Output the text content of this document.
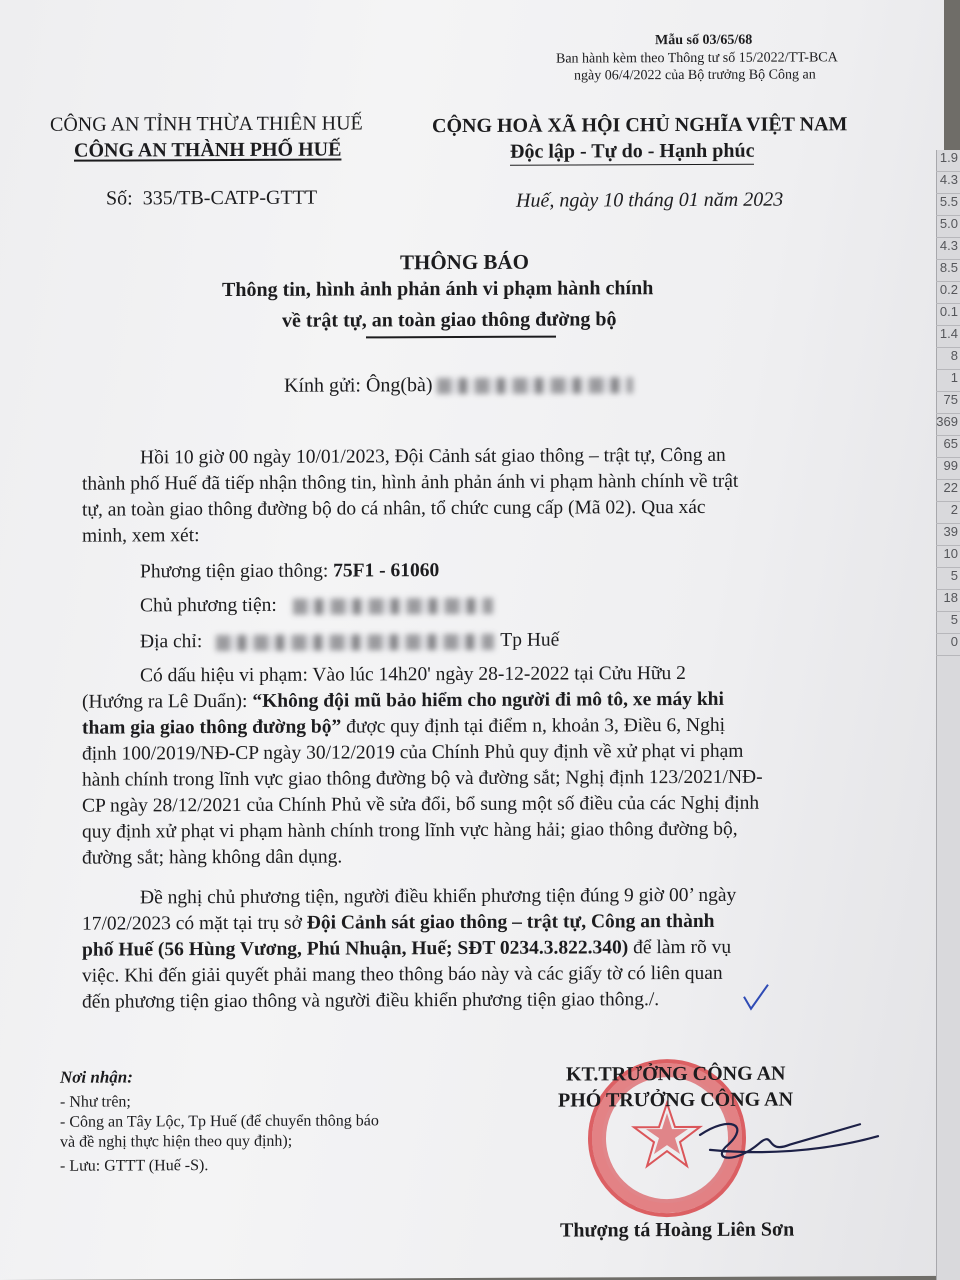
Mẫu số 03/65/68
Ban hành kèm theo Thông tư số 15/2022/TT-BCA
ngày 06/4/2022 của Bộ trưởng Bộ Công an
CÔNG AN TỈNH THỪA THIÊN HUẾ
CÔNG AN THÀNH PHỐ HUẾ
Số: 335/TB-CATP-GTTT
CỘNG HOÀ XÃ HỘI CHỦ NGHĨA VIỆT NAM
Độc lập - Tự do - Hạnh phúc
Huế, ngày 10 tháng 01 năm 2023
THÔNG BÁO
Thông tin, hình ảnh phản ánh vi phạm hành chính
về trật tự, an toàn giao thông đường bộ
Kính gửi: Ông(bà)
Hồi 10 giờ 00 ngày 10/01/2023, Đội Cảnh sát giao thông – trật tự, Công an
thành phố Huế đã tiếp nhận thông tin, hình ảnh phản ánh vi phạm hành chính về trật
tự, an toàn giao thông đường bộ do cá nhân, tổ chức cung cấp (Mã 02). Qua xác
minh, xem xét:
Phương tiện giao thông: 75F1 - 61060
Chủ phương tiện:
Địa chỉ:	Tp Huế
Có dấu hiệu vi phạm: Vào lúc 14h20' ngày 28-12-2022 tại Cửu Hữu 2
(Hướng ra Lê Duẩn): “Không đội mũ bảo hiểm cho người đi mô tô, xe máy khi
tham gia giao thông đường bộ” được quy định tại điểm n, khoản 3, Điều 6, Nghị
định 100/2019/NĐ-CP ngày 30/12/2019 của Chính Phủ quy định về xử phạt vi phạm
hành chính trong lĩnh vực giao thông đường bộ và đường sắt; Nghị định 123/2021/NĐ-
CP ngày 28/12/2021 của Chính Phủ về sửa đổi, bổ sung một số điều của các Nghị định
quy định xử phạt vi phạm hành chính trong lĩnh vực hàng hải; giao thông đường bộ,
đường sắt; hàng không dân dụng.
Đề nghị chủ phương tiện, người điều khiển phương tiện đúng 9 giờ 00’ ngày
17/02/2023 có mặt tại trụ sở Đội Cảnh sát giao thông – trật tự, Công an thành
phố Huế (56 Hùng Vương, Phú Nhuận, Huế; SĐT 0234.3.822.340) để làm rõ vụ
việc. Khi đến giải quyết phải mang theo thông báo này và các giấy tờ có liên quan
đến phương tiện giao thông và người điều khiển phương tiện giao thông./.
Nơi nhận:
- Như trên;
- Công an Tây Lộc, Tp Huế (để chuyển thông báo
và đề nghị thực hiện theo quy định);
- Lưu: GTTT (Huế -S).
KT.TRƯỞNG CÔNG AN
PHÓ TRƯỞNG CÔNG AN
Thượng tá Hoàng Liên Sơn
1.9
4.3
5.5
5.0
4.3
8.5
0.2
0.1
1.4
8
1
75
369
65
99
22
2
39
10
5
18
5
0
